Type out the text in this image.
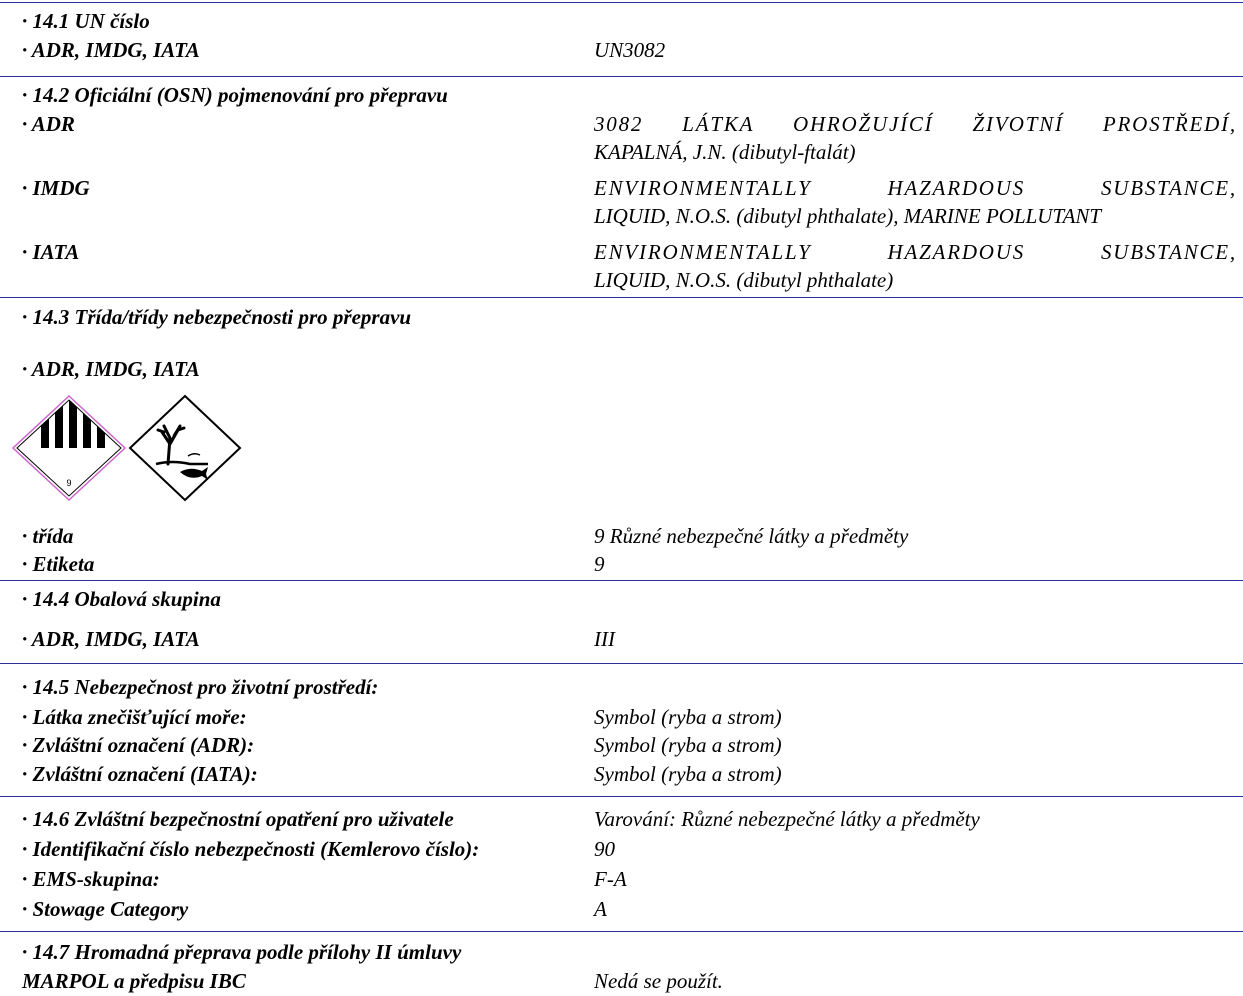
· 14.1 UN číslo
· ADR, IMDG, IATA	UN3082
· 14.2 Oficiální (OSN) pojmenování pro přepravu
· ADR	3082 LÁTKA OHROŽUJÍCÍ ŽIVOTNÍ PROSTŘEDÍ,
KAPALNÁ, J.N. (dibutyl-ftalát)
· IMDG	ENVIRONMENTALLY HAZARDOUS SUBSTANCE,
LIQUID, N.O.S. (dibutyl phthalate), MARINE POLLUTANT
· IATA	ENVIRONMENTALLY HAZARDOUS SUBSTANCE,
LIQUID, N.O.S. (dibutyl phthalate)
· 14.3 Třída/třídy nebezpečnosti pro přepravu
· ADR, IMDG, IATA
9
· třída	9 Různé nebezpečné látky a předměty
· Etiketa	9
· 14.4 Obalová skupina
· ADR, IMDG, IATA	III
· 14.5 Nebezpečnost pro životní prostředí:
· Látka znečišťující moře:	Symbol (ryba a strom)
· Zvláštní označení (ADR):	Symbol (ryba a strom)
· Zvláštní označení (IATA):	Symbol (ryba a strom)
· 14.6 Zvláštní bezpečnostní opatření pro uživatele	Varování: Různé nebezpečné látky a předměty
· Identifikační číslo nebezpečnosti (Kemlerovo číslo):	90
· EMS-skupina:	F-A
· Stowage Category	A
· 14.7 Hromadná přeprava podle přílohy II úmluvy
MARPOL a předpisu IBC	Nedá se použít.
